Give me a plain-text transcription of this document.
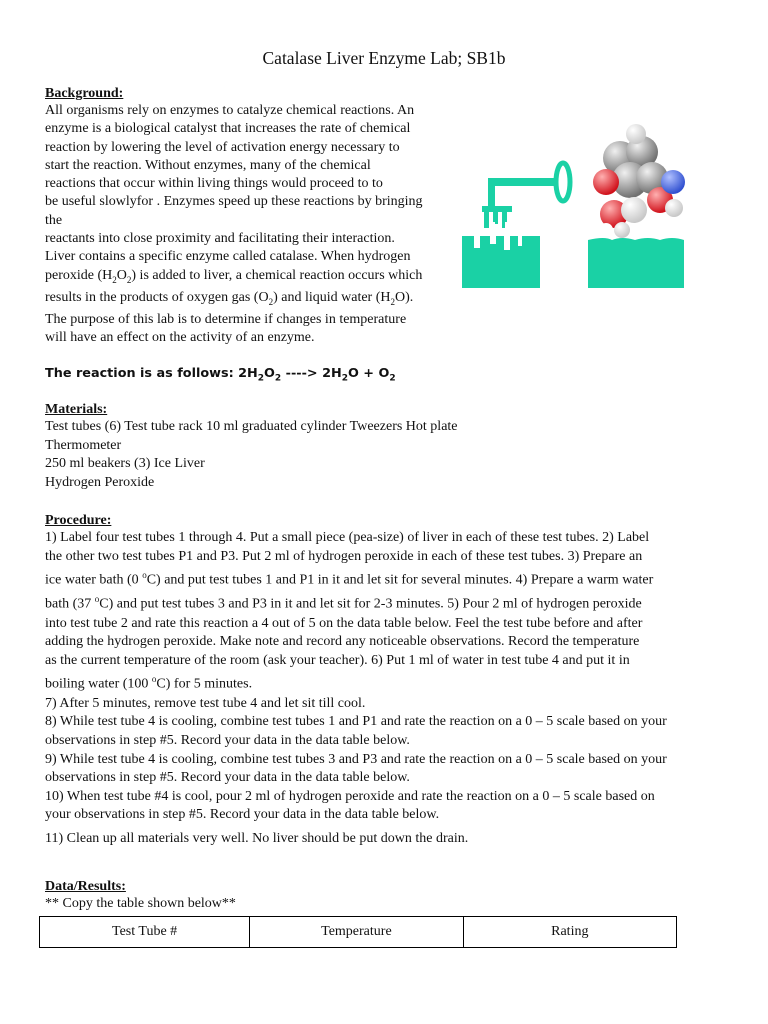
Catalase Liver Enzyme Lab; SB1b
Background:
All organisms rely on enzymes to catalyze chemical reactions. An
enzyme is a biological catalyst that increases the rate of chemical
reaction by lowering the level of activation energy necessary to
start the reaction. Without enzymes, many of the chemical
reactions that occur within living things would proceed to to
be useful slowlyfor . Enzymes speed up these reactions by bringing
the
reactants into close proximity and facilitating their interaction.
Liver contains a specific enzyme called catalase. When hydrogen
peroxide $(H_2O_2)$ is added to liver, a chemical reaction occurs which
results in the products of oxygen gas $(O_2)$ and liquid water $(H_2O)$.
The purpose of this lab is to determine if changes in temperature
will have an effect on the activity of an enzyme.
The reaction is as follows: $2H_2O_2$ ----> $2H_2O + O_2$
Materials:
Test tubes (6) Test tube rack 10 ml graduated cylinder Tweezers Hot plate
Thermometer
250 ml beakers (3) Ice Liver
Hydrogen Peroxide
Procedure:
1) Label four test tubes 1 through 4. Put a small piece (pea-size) of liver in each of these test tubes. 2) Label
the other two test tubes P1 and P3. Put 2 ml of hydrogen peroxide in each of these test tubes. 3) Prepare an
ice water bath (0 $^o$C) and put test tubes 1 and P1 in it and let sit for several minutes. 4) Prepare a warm water
bath (37 $^o$C) and put test tubes 3 and P3 in it and let sit for 2-3 minutes. 5) Pour 2 ml of hydrogen peroxide
into test tube 2 and rate this reaction a 4 out of 5 on the data table below. Feel the test tube before and after
adding the hydrogen peroxide. Make note and record any noticeable observations. Record the temperature
as the current temperature of the room (ask your teacher). 6) Put 1 ml of water in test tube 4 and put it in
boiling water (100 $^o$C) for 5 minutes.
7) After 5 minutes, remove test tube 4 and let sit till cool.
8) While test tube 4 is cooling, combine test tubes 1 and P1 and rate the reaction on a 0 – 5 scale based on your
observations in step #5. Record your data in the data table below.
9) While test tube 4 is cooling, combine test tubes 3 and P3 and rate the reaction on a 0 – 5 scale based on your
observations in step #5. Record your data in the data table below.
10) When test tube #4 is cool, pour 2 ml of hydrogen peroxide and rate the reaction on a 0 – 5 scale based on
your observations in step #5. Record your data in the data table below.
11) Clean up all materials very well. No liver should be put down the drain.
Data/Results:
** Copy the table shown below**
Test Tube #	Temperature	Rating
